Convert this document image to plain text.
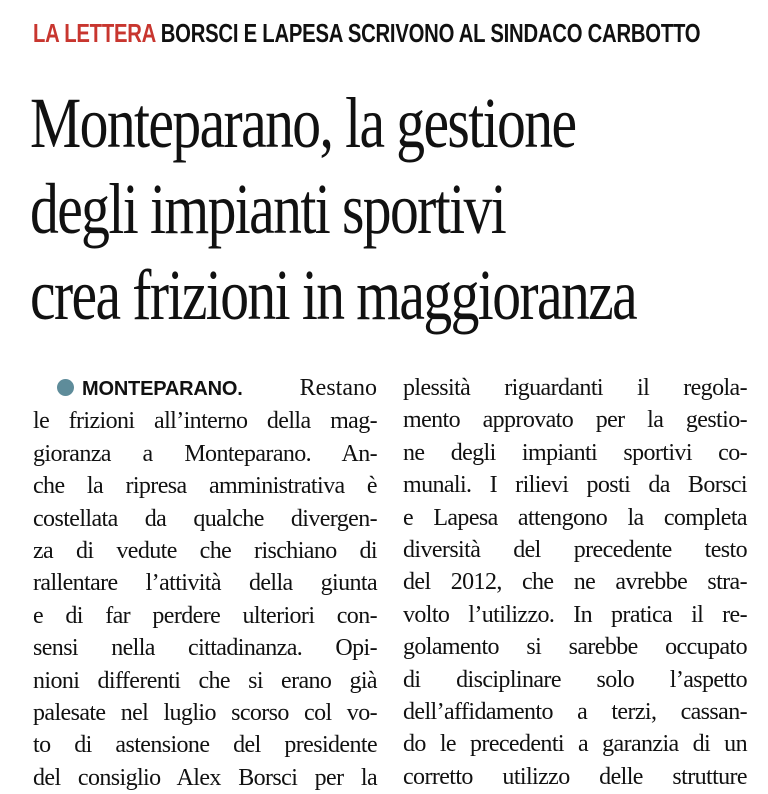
LA LETTERA BORSCI E LAPESA SCRIVONO AL SINDACO CARBOTTO
Monteparano, la gestione
degli impianti sportivi
crea frizioni in maggioranza
MONTEPARANO. Restano
le frizioni all’interno della mag-
gioranza a Monteparano. An-
che la ripresa amministrativa è
costellata da qualche divergen-
za di vedute che rischiano di
rallentare l’attività della giunta
e di far perdere ulteriori con-
sensi nella cittadinanza. Opi-
nioni differenti che si erano già
palesate nel luglio scorso col vo-
to di astensione del presidente
del consiglio Alex Borsci per la
plessità riguardanti il regola-
mento approvato per la gestio-
ne degli impianti sportivi co-
munali. I rilievi posti da Borsci
e Lapesa attengono la completa
diversità del precedente testo
del 2012, che ne avrebbe stra-
volto l’utilizzo. In pratica il re-
golamento si sarebbe occupato
di disciplinare solo l’aspetto
dell’affidamento a terzi, cassan-
do le precedenti a garanzia di un
corretto utilizzo delle strutture
